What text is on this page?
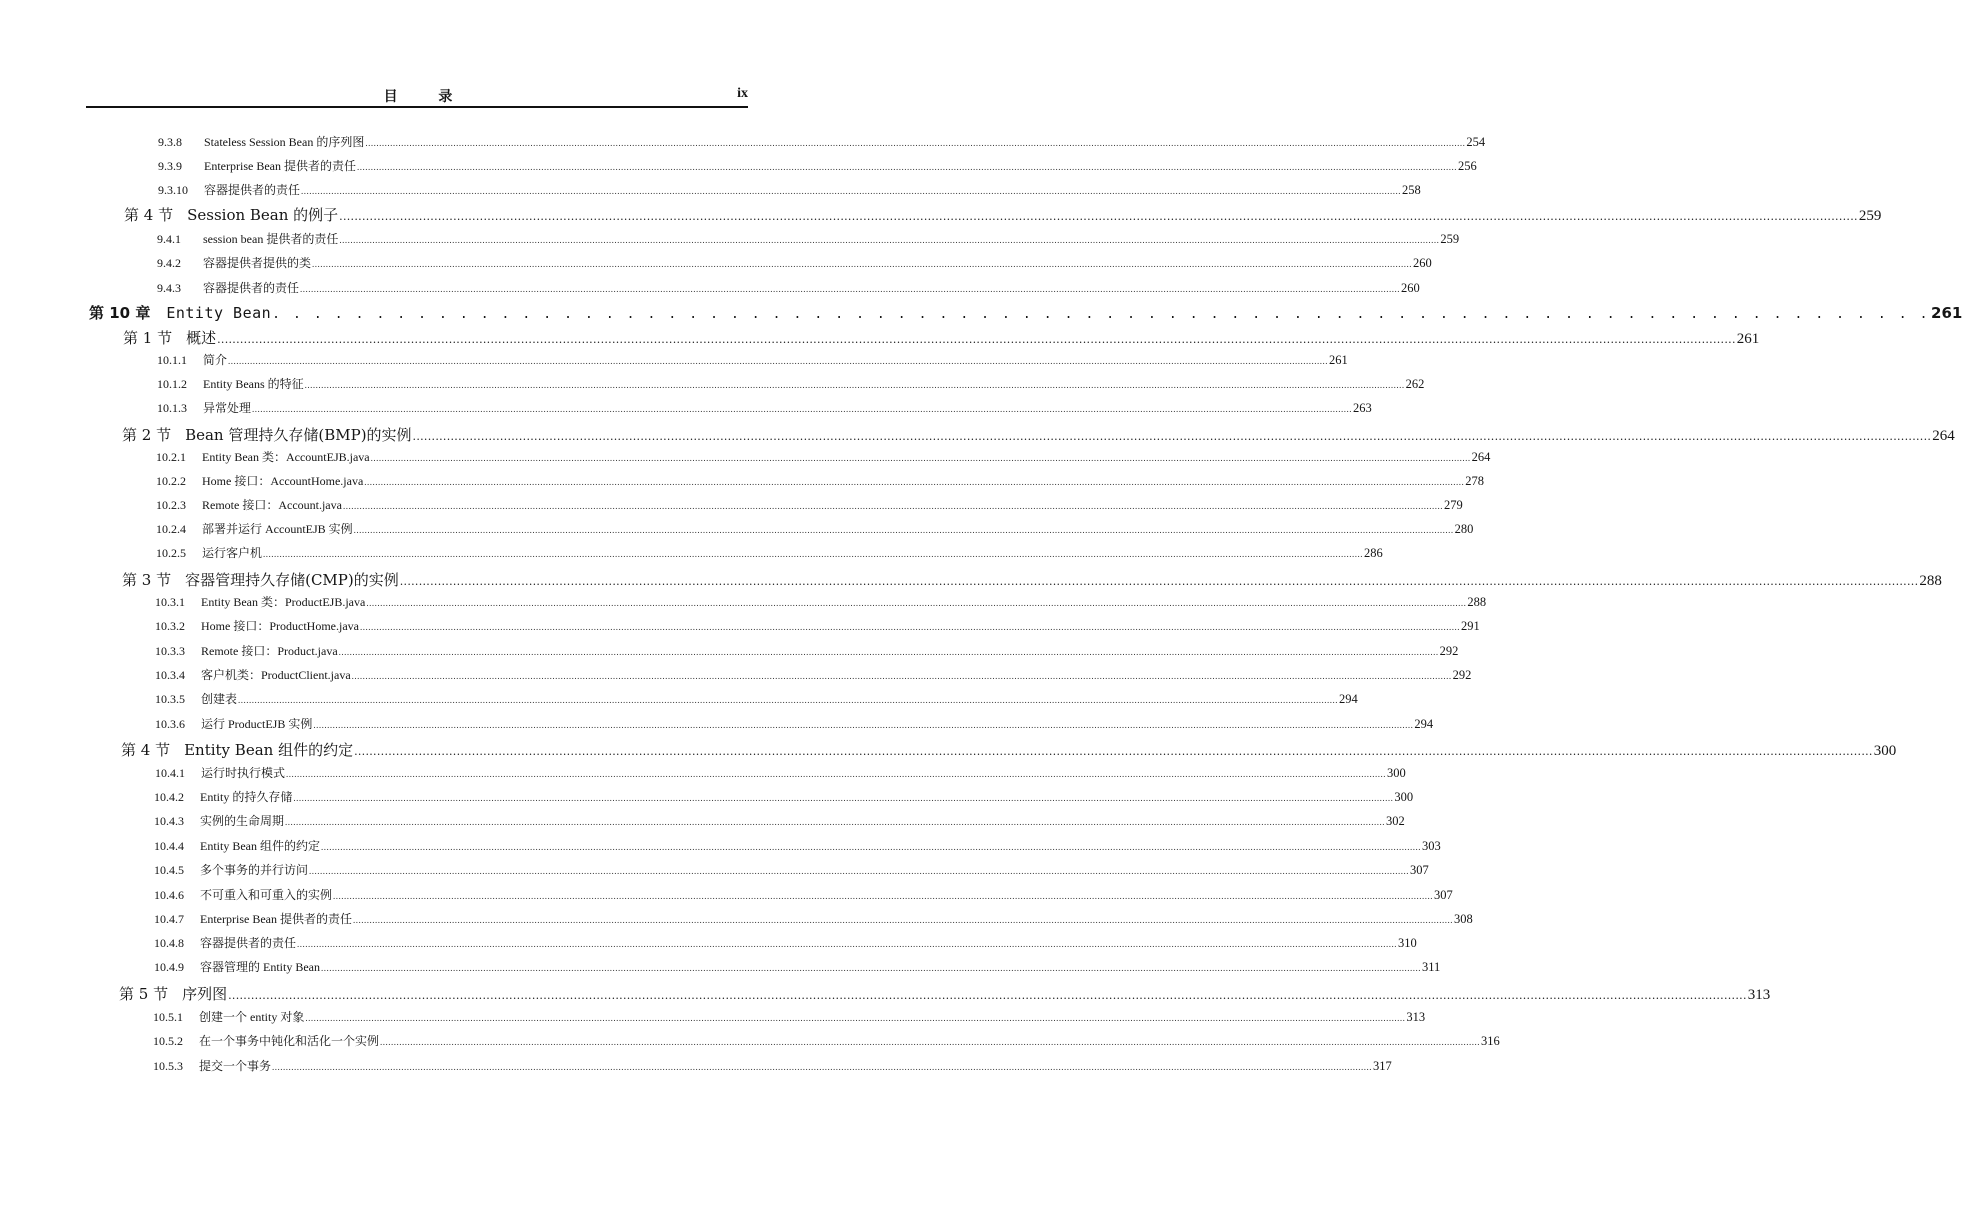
目 录	ix
9.3.8	Stateless Session Bean 的序列图 ................................................................................................................................................................................................................................................................................................................................................................................................................ 254
9.3.9	Enterprise Bean 提供者的责任 ................................................................................................................................................................................................................................................................................................................................................................................................................ 256
9.3.10	容器提供者的责任 ................................................................................................................................................................................................................................................................................................................................................................................................................ 258
第 4 节 Session Bean 的例子 ................................................................................................................................................................................................................................................................................................................................................................................................................ 259
9.4.1	session bean 提供者的责任 ................................................................................................................................................................................................................................................................................................................................................................................................................ 259
9.4.2	容器提供者提供的类 ................................................................................................................................................................................................................................................................................................................................................................................................................ 260
9.4.3	容器提供者的责任 ................................................................................................................................................................................................................................................................................................................................................................................................................ 260
第 10 章 Entity Bean . . . . . . . . . . . . . . . . . . . . . . . . . . . . . . . . . . . . . . . . . . . . . . . . . . . . . . . . . . . . . . . . . . . . . . . . . . . . . . . . 261
第 1 节 概述 ................................................................................................................................................................................................................................................................................................................................................................................................................ 261
10.1.1	简介 ................................................................................................................................................................................................................................................................................................................................................................................................................ 261
10.1.2	Entity Beans 的特征 ................................................................................................................................................................................................................................................................................................................................................................................................................ 262
10.1.3	异常处理 ................................................................................................................................................................................................................................................................................................................................................................................................................ 263
第 2 节 Bean 管理持久存储(BMP)的实例 ................................................................................................................................................................................................................................................................................................................................................................................................................ 264
10.2.1	Entity Bean 类：AccountEJB.java ................................................................................................................................................................................................................................................................................................................................................................................................................ 264
10.2.2	Home 接口：AccountHome.java ................................................................................................................................................................................................................................................................................................................................................................................................................ 278
10.2.3	Remote 接口：Account.java ................................................................................................................................................................................................................................................................................................................................................................................................................ 279
10.2.4	部署并运行 AccountEJB 实例 ................................................................................................................................................................................................................................................................................................................................................................................................................ 280
10.2.5	运行客户机 ................................................................................................................................................................................................................................................................................................................................................................................................................ 286
第 3 节 容器管理持久存储(CMP)的实例 ................................................................................................................................................................................................................................................................................................................................................................................................................ 288
10.3.1	Entity Bean 类：ProductEJB.java ................................................................................................................................................................................................................................................................................................................................................................................................................ 288
10.3.2	Home 接口：ProductHome.java ................................................................................................................................................................................................................................................................................................................................................................................................................ 291
10.3.3	Remote 接口：Product.java ................................................................................................................................................................................................................................................................................................................................................................................................................ 292
10.3.4	客户机类：ProductClient.java ................................................................................................................................................................................................................................................................................................................................................................................................................ 292
10.3.5	创建表 ................................................................................................................................................................................................................................................................................................................................................................................................................ 294
10.3.6	运行 ProductEJB 实例 ................................................................................................................................................................................................................................................................................................................................................................................................................ 294
第 4 节 Entity Bean 组件的约定 ................................................................................................................................................................................................................................................................................................................................................................................................................ 300
10.4.1	运行时执行模式 ................................................................................................................................................................................................................................................................................................................................................................................................................ 300
10.4.2	Entity 的持久存储 ................................................................................................................................................................................................................................................................................................................................................................................................................ 300
10.4.3	实例的生命周期 ................................................................................................................................................................................................................................................................................................................................................................................................................ 302
10.4.4	Entity Bean 组件的约定 ................................................................................................................................................................................................................................................................................................................................................................................................................ 303
10.4.5	多个事务的并行访问 ................................................................................................................................................................................................................................................................................................................................................................................................................ 307
10.4.6	不可重入和可重入的实例 ................................................................................................................................................................................................................................................................................................................................................................................................................ 307
10.4.7	Enterprise Bean 提供者的责任 ................................................................................................................................................................................................................................................................................................................................................................................................................ 308
10.4.8	容器提供者的责任 ................................................................................................................................................................................................................................................................................................................................................................................................................ 310
10.4.9	容器管理的 Entity Bean ................................................................................................................................................................................................................................................................................................................................................................................................................ 311
第 5 节 序列图 ................................................................................................................................................................................................................................................................................................................................................................................................................ 313
10.5.1	创建一个 entity 对象 ................................................................................................................................................................................................................................................................................................................................................................................................................ 313
10.5.2	在一个事务中钝化和活化一个实例 ................................................................................................................................................................................................................................................................................................................................................................................................................ 316
10.5.3	提交一个事务 ................................................................................................................................................................................................................................................................................................................................................................................................................ 317
